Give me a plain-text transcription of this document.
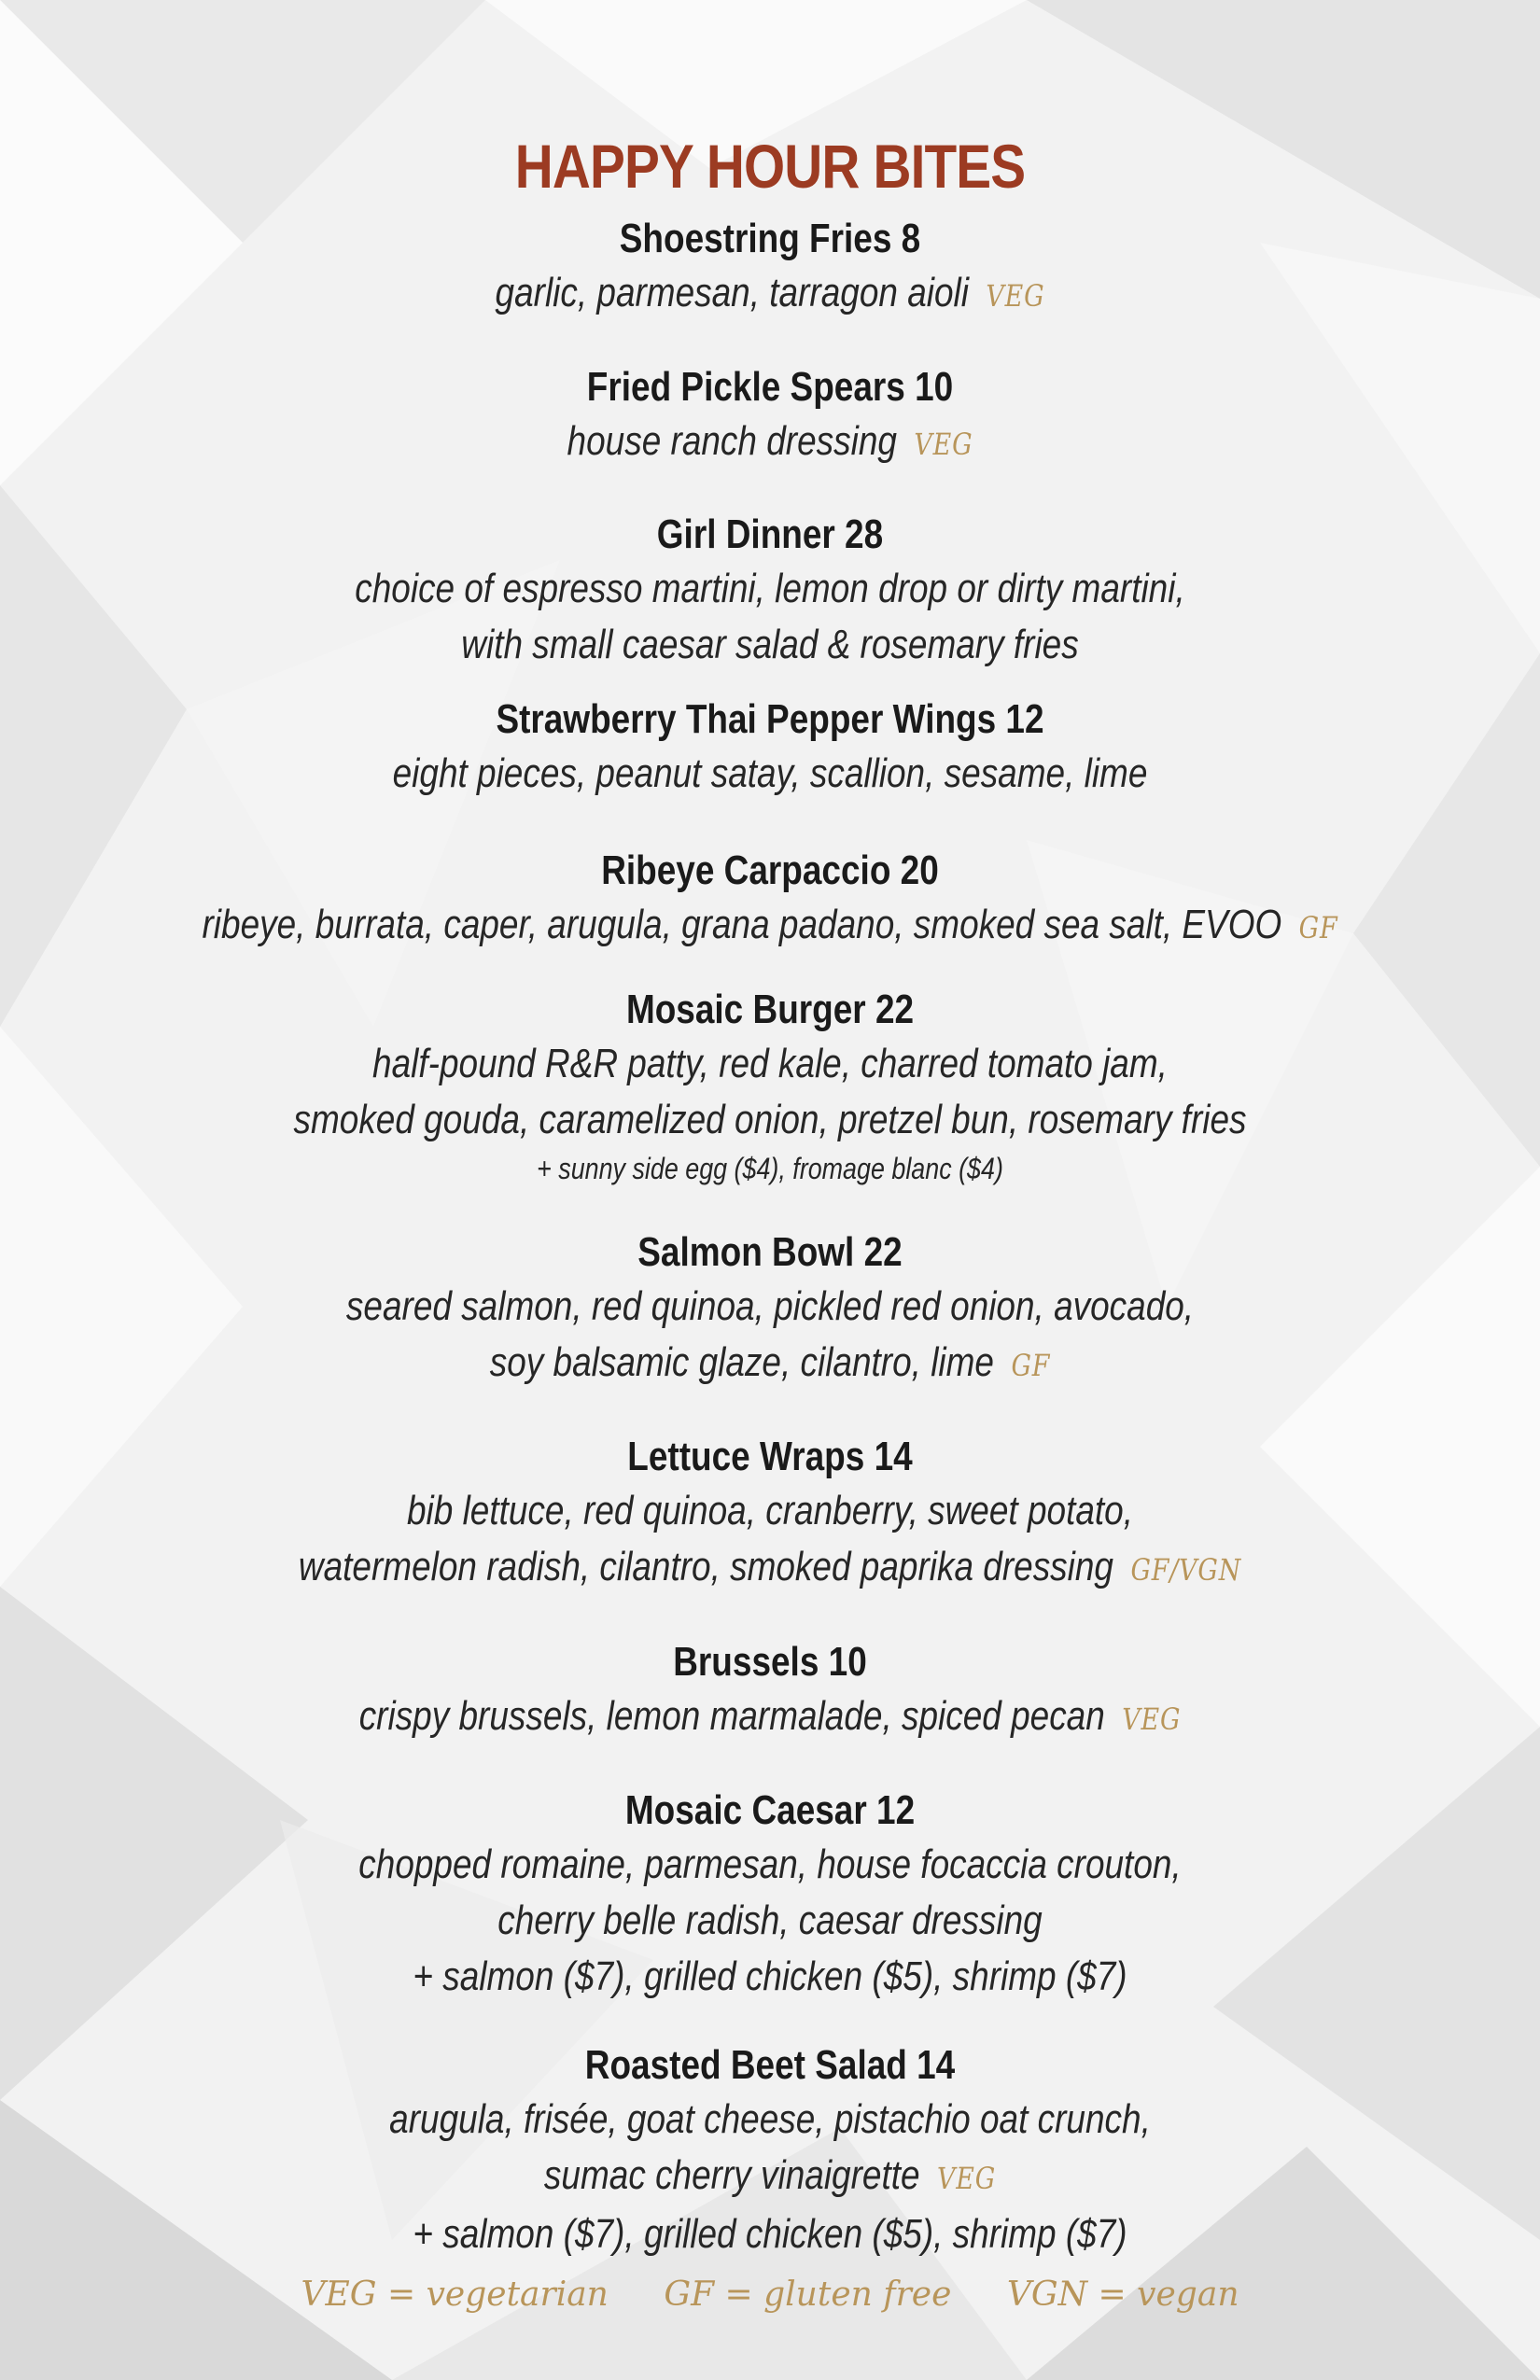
HAPPY HOUR BITES

Shoestring Fries 8

garlic, parmesan, tarragon aioli VEG

Fried Pickle Spears 10

house ranch dressing VEG

Girl Dinner 28

choice of espresso martini, lemon drop or dirty martini,

with small caesar salad & rosemary fries

Strawberry Thai Pepper Wings 12

eight pieces, peanut satay, scallion, sesame, lime

Ribeye Carpaccio 20

ribeye, burrata, caper, arugula, grana padano, smoked sea salt, EVOO GF

Mosaic Burger 22

half-pound R&R patty, red kale, charred tomato jam,

smoked gouda, caramelized onion, pretzel bun, rosemary fries

+ sunny side egg ($4), fromage blanc ($4)

Salmon Bowl 22

seared salmon, red quinoa, pickled red onion, avocado,

soy balsamic glaze, cilantro, lime GF

Lettuce Wraps 14

bib lettuce, red quinoa, cranberry, sweet potato,

watermelon radish, cilantro, smoked paprika dressing GF/VGN

Brussels 10

crispy brussels, lemon marmalade, spiced pecan VEG

Mosaic Caesar 12

chopped romaine, parmesan, house focaccia crouton,

cherry belle radish, caesar dressing

+ salmon ($7), grilled chicken ($5), shrimp ($7)

Roasted Beet Salad 14

arugula, frisée, goat cheese, pistachio oat crunch,

sumac cherry vinaigrette VEG

+ salmon ($7), grilled chicken ($5), shrimp ($7)

VEG = vegetarian GF = gluten free VGN = vegan
